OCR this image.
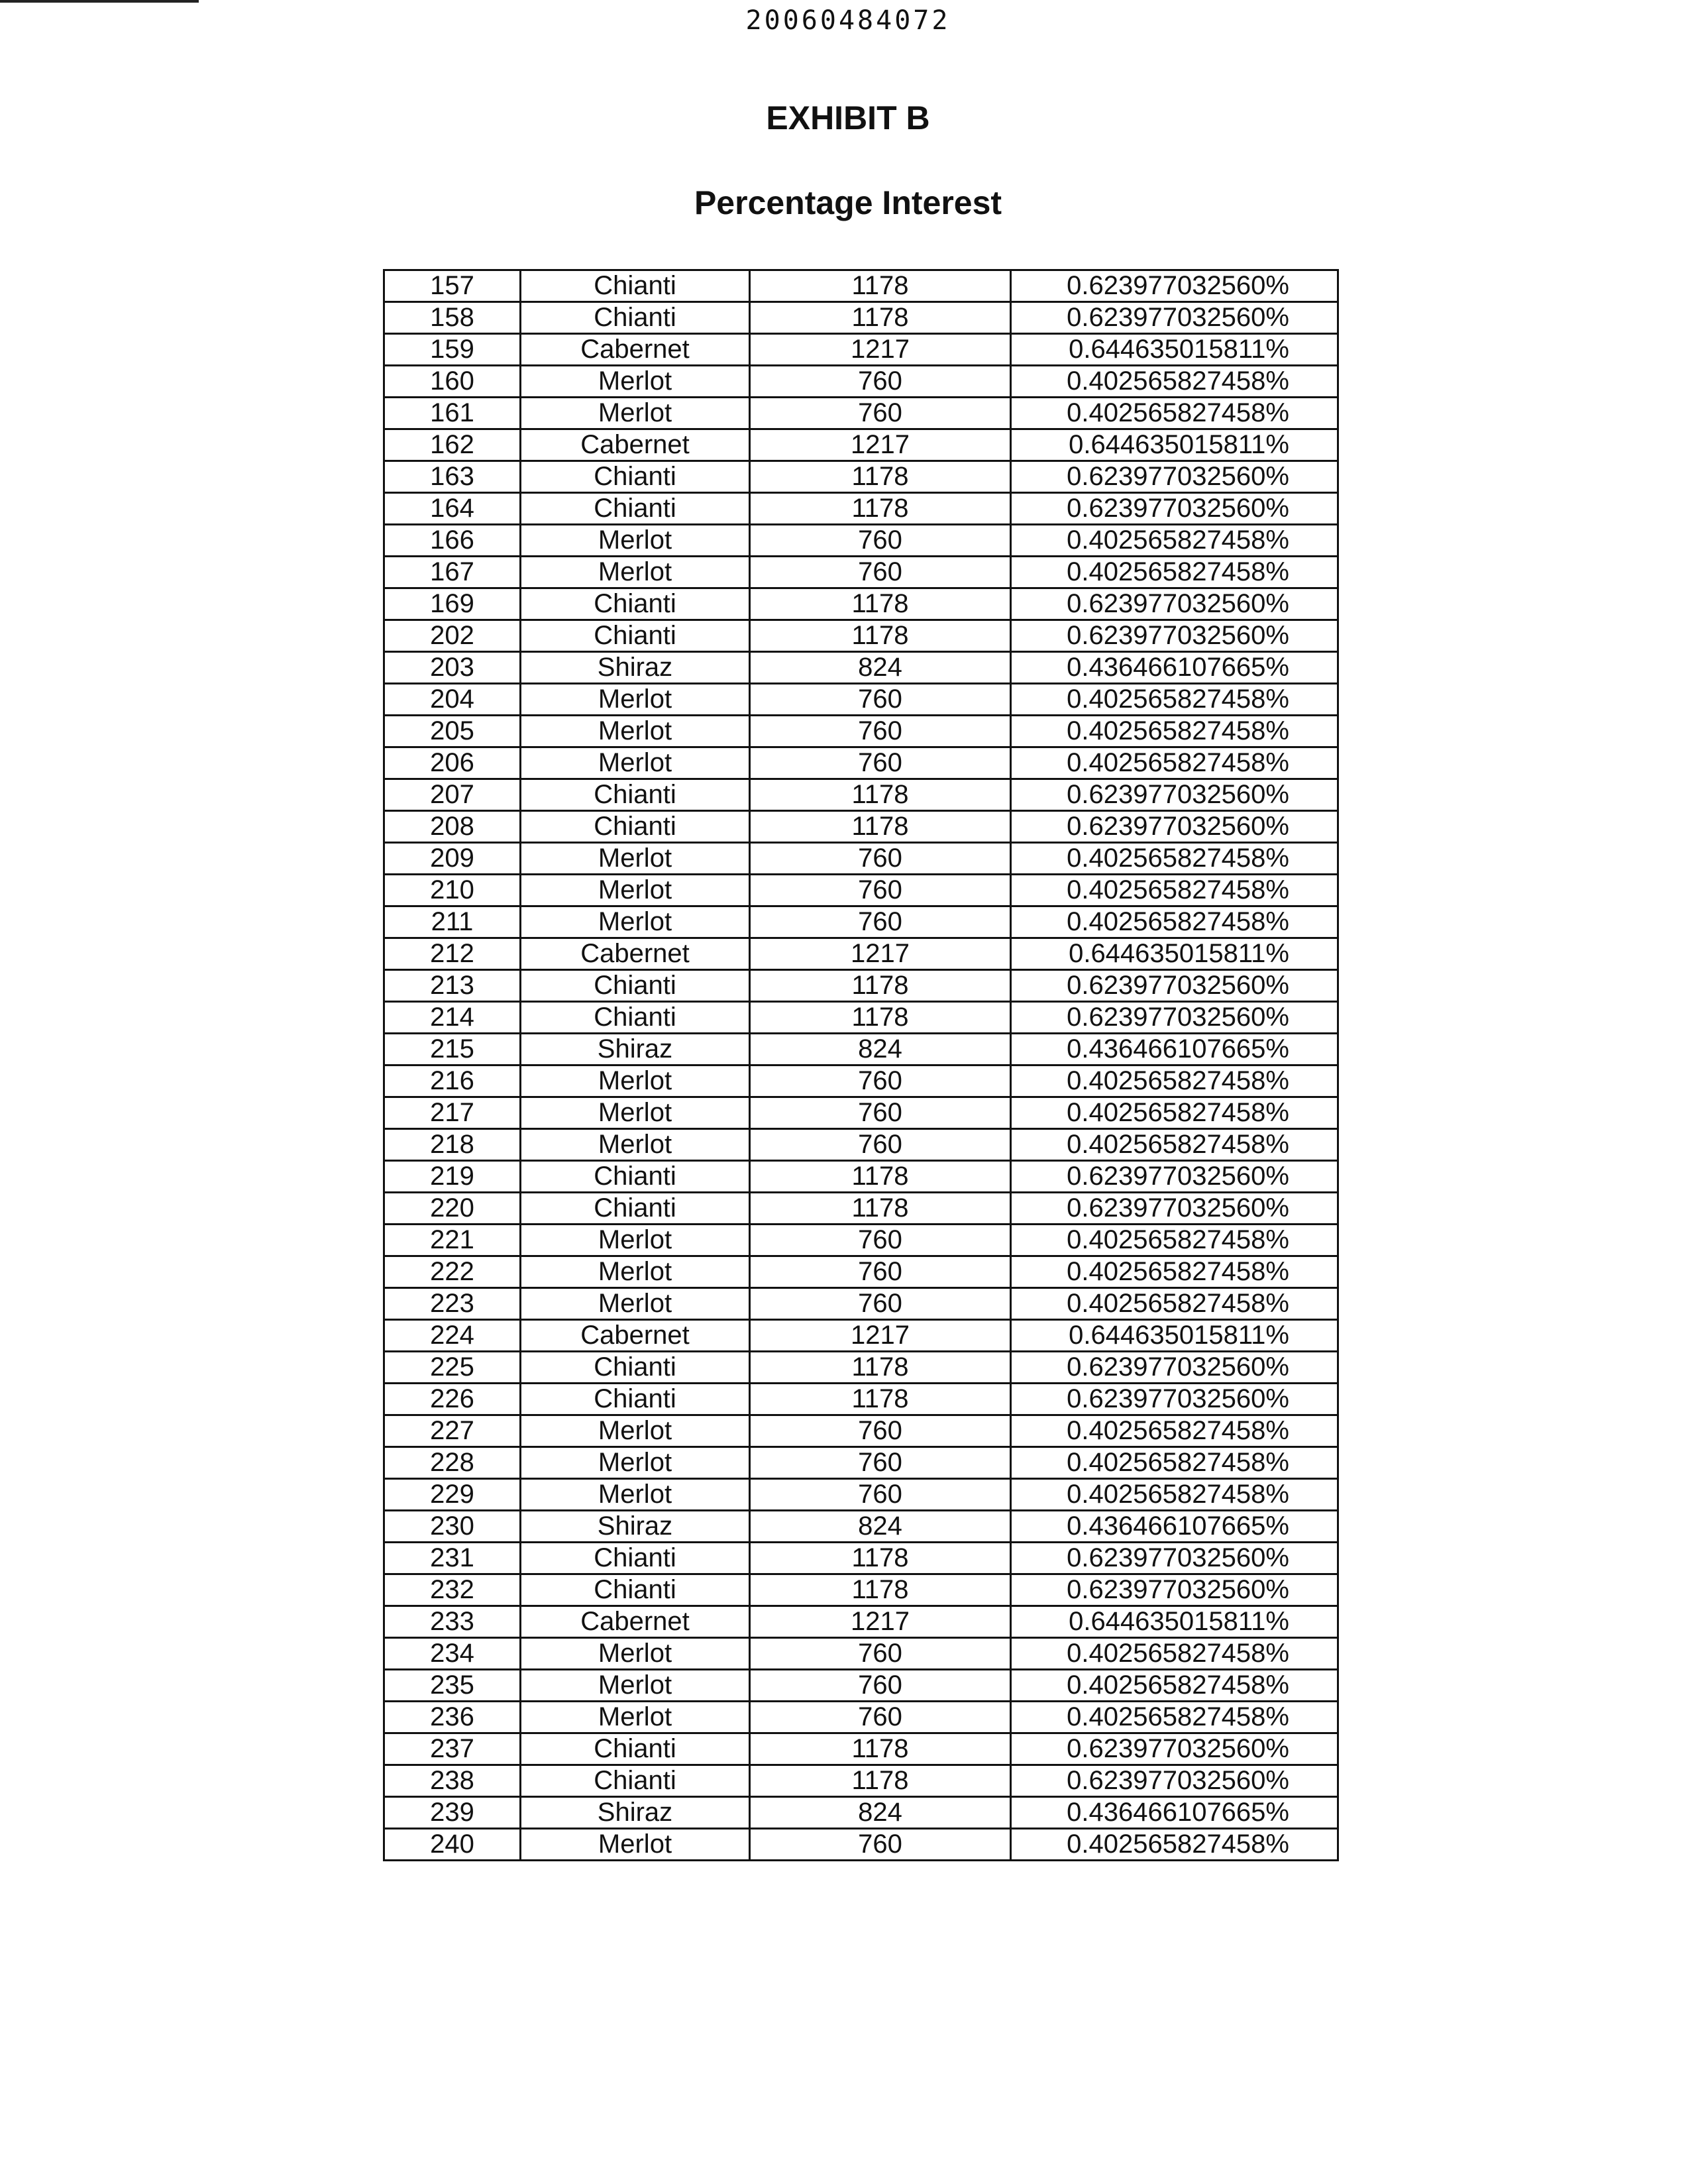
20060484072
EXHIBIT B
Percentage Interest
157	Chianti	1178	0.623977032560%
158	Chianti	1178	0.623977032560%
159	Cabernet	1217	0.644635015811%
160	Merlot	760	0.402565827458%
161	Merlot	760	0.402565827458%
162	Cabernet	1217	0.644635015811%
163	Chianti	1178	0.623977032560%
164	Chianti	1178	0.623977032560%
166	Merlot	760	0.402565827458%
167	Merlot	760	0.402565827458%
169	Chianti	1178	0.623977032560%
202	Chianti	1178	0.623977032560%
203	Shiraz	824	0.436466107665%
204	Merlot	760	0.402565827458%
205	Merlot	760	0.402565827458%
206	Merlot	760	0.402565827458%
207	Chianti	1178	0.623977032560%
208	Chianti	1178	0.623977032560%
209	Merlot	760	0.402565827458%
210	Merlot	760	0.402565827458%
211	Merlot	760	0.402565827458%
212	Cabernet	1217	0.644635015811%
213	Chianti	1178	0.623977032560%
214	Chianti	1178	0.623977032560%
215	Shiraz	824	0.436466107665%
216	Merlot	760	0.402565827458%
217	Merlot	760	0.402565827458%
218	Merlot	760	0.402565827458%
219	Chianti	1178	0.623977032560%
220	Chianti	1178	0.623977032560%
221	Merlot	760	0.402565827458%
222	Merlot	760	0.402565827458%
223	Merlot	760	0.402565827458%
224	Cabernet	1217	0.644635015811%
225	Chianti	1178	0.623977032560%
226	Chianti	1178	0.623977032560%
227	Merlot	760	0.402565827458%
228	Merlot	760	0.402565827458%
229	Merlot	760	0.402565827458%
230	Shiraz	824	0.436466107665%
231	Chianti	1178	0.623977032560%
232	Chianti	1178	0.623977032560%
233	Cabernet	1217	0.644635015811%
234	Merlot	760	0.402565827458%
235	Merlot	760	0.402565827458%
236	Merlot	760	0.402565827458%
237	Chianti	1178	0.623977032560%
238	Chianti	1178	0.623977032560%
239	Shiraz	824	0.436466107665%
240	Merlot	760	0.402565827458%
